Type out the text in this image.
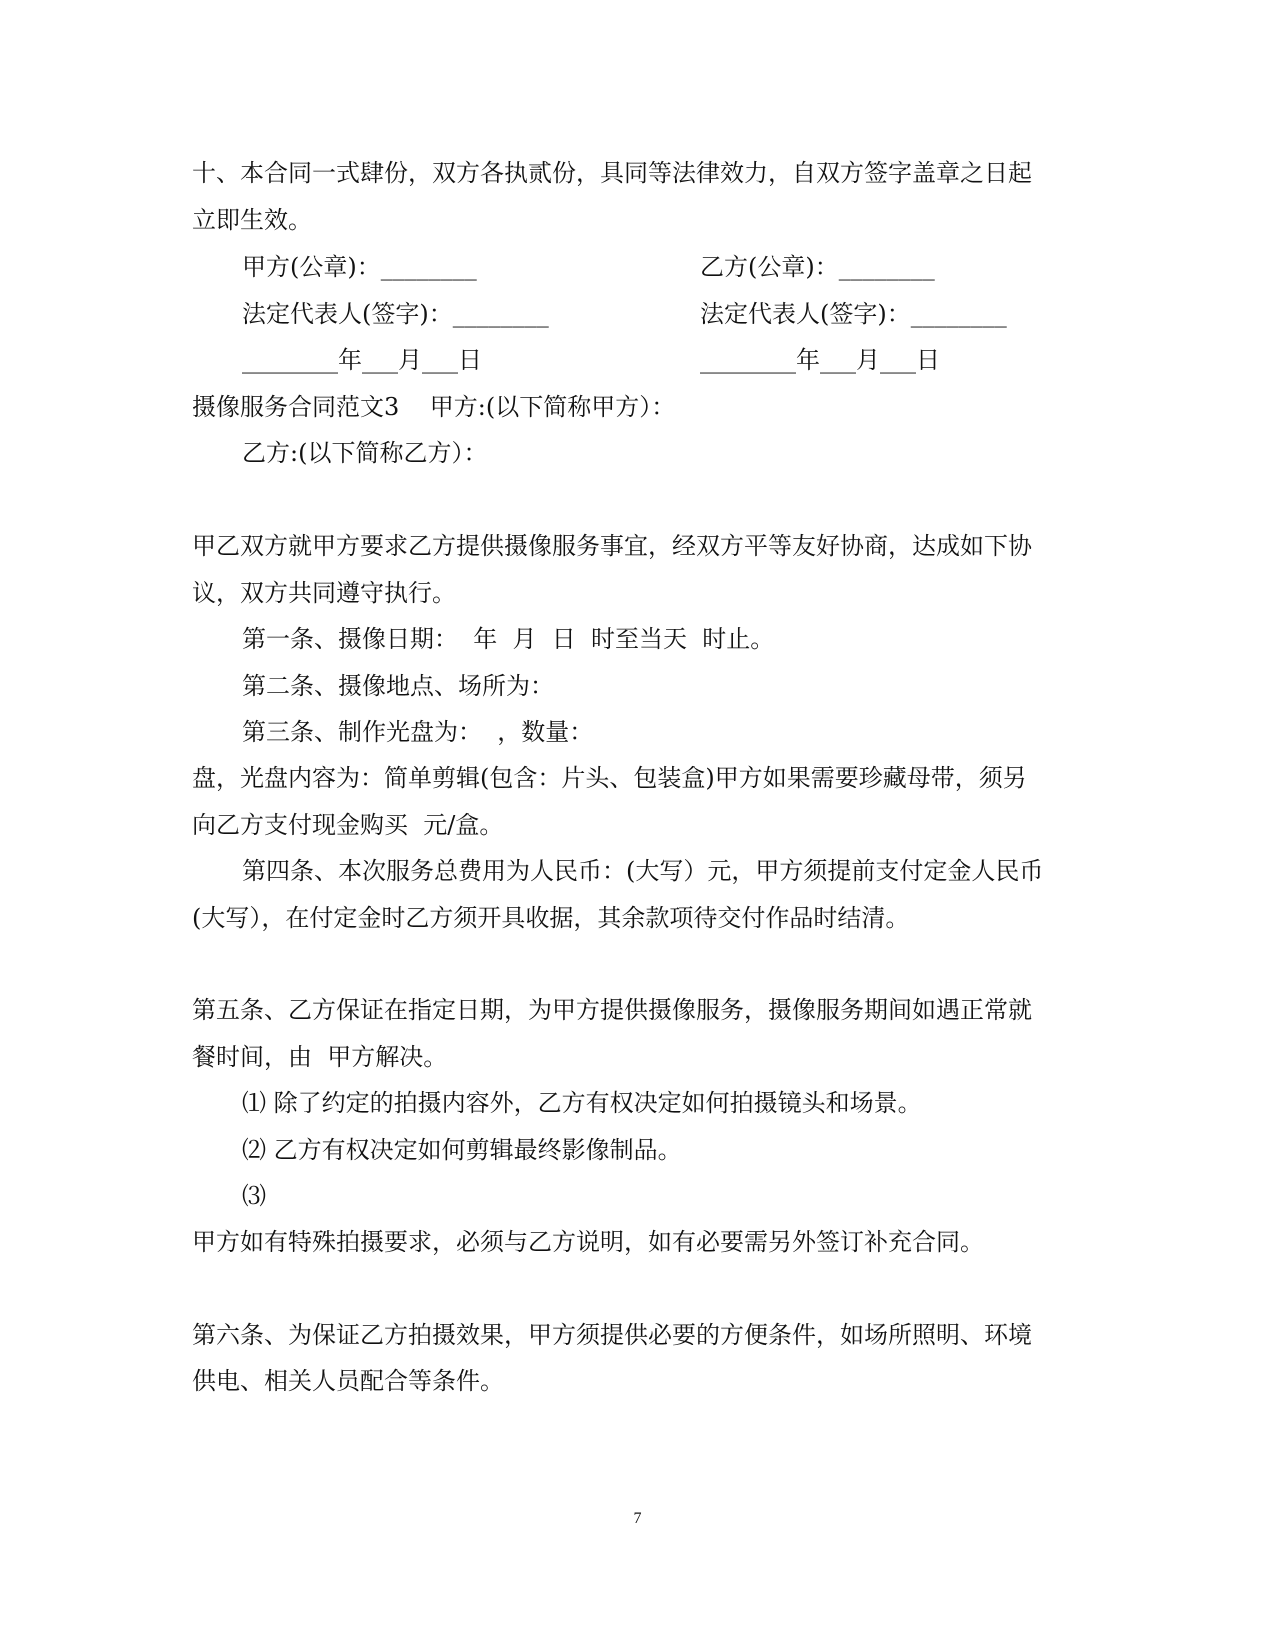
十、本合同一式肆份，双方各执贰份，具同等法律效力，自双方签字盖章之日起
立即生效。
甲方(公章)：________	乙方(公章)：________
法定代表人(签字)：________	法定代表人(签字)：________
________年___月___日	________年___月___日
摄像服务合同范文3    甲方:(以下简称甲方）：
乙方:(以下简称乙方）：
甲乙双方就甲方要求乙方提供摄像服务事宜，经双方平等友好协商，达成如下协
议，双方共同遵守执行。
第一条、摄像日期：  年  月  日  时至当天  时止。
第二条、摄像地点、场所为：
第三条、制作光盘为：  ，数量：
盘，光盘内容为：简单剪辑(包含：片头、包装盒)甲方如果需要珍藏母带，须另
向乙方支付现金购买  元/盒。
第四条、本次服务总费用为人民币：(大写）元，甲方须提前支付定金人民币
(大写），在付定金时乙方须开具收据，其余款项待交付作品时结清。
第五条、乙方保证在指定日期，为甲方提供摄像服务，摄像服务期间如遇正常就
餐时间，由  甲方解决。
⑴ 除了约定的拍摄内容外，乙方有权决定如何拍摄镜头和场景。
⑵ 乙方有权决定如何剪辑最终影像制品。
⑶
甲方如有特殊拍摄要求，必须与乙方说明，如有必要需另外签订补充合同。
第六条、为保证乙方拍摄效果，甲方须提供必要的方便条件，如场所照明、环境
供电、相关人员配合等条件。
7
